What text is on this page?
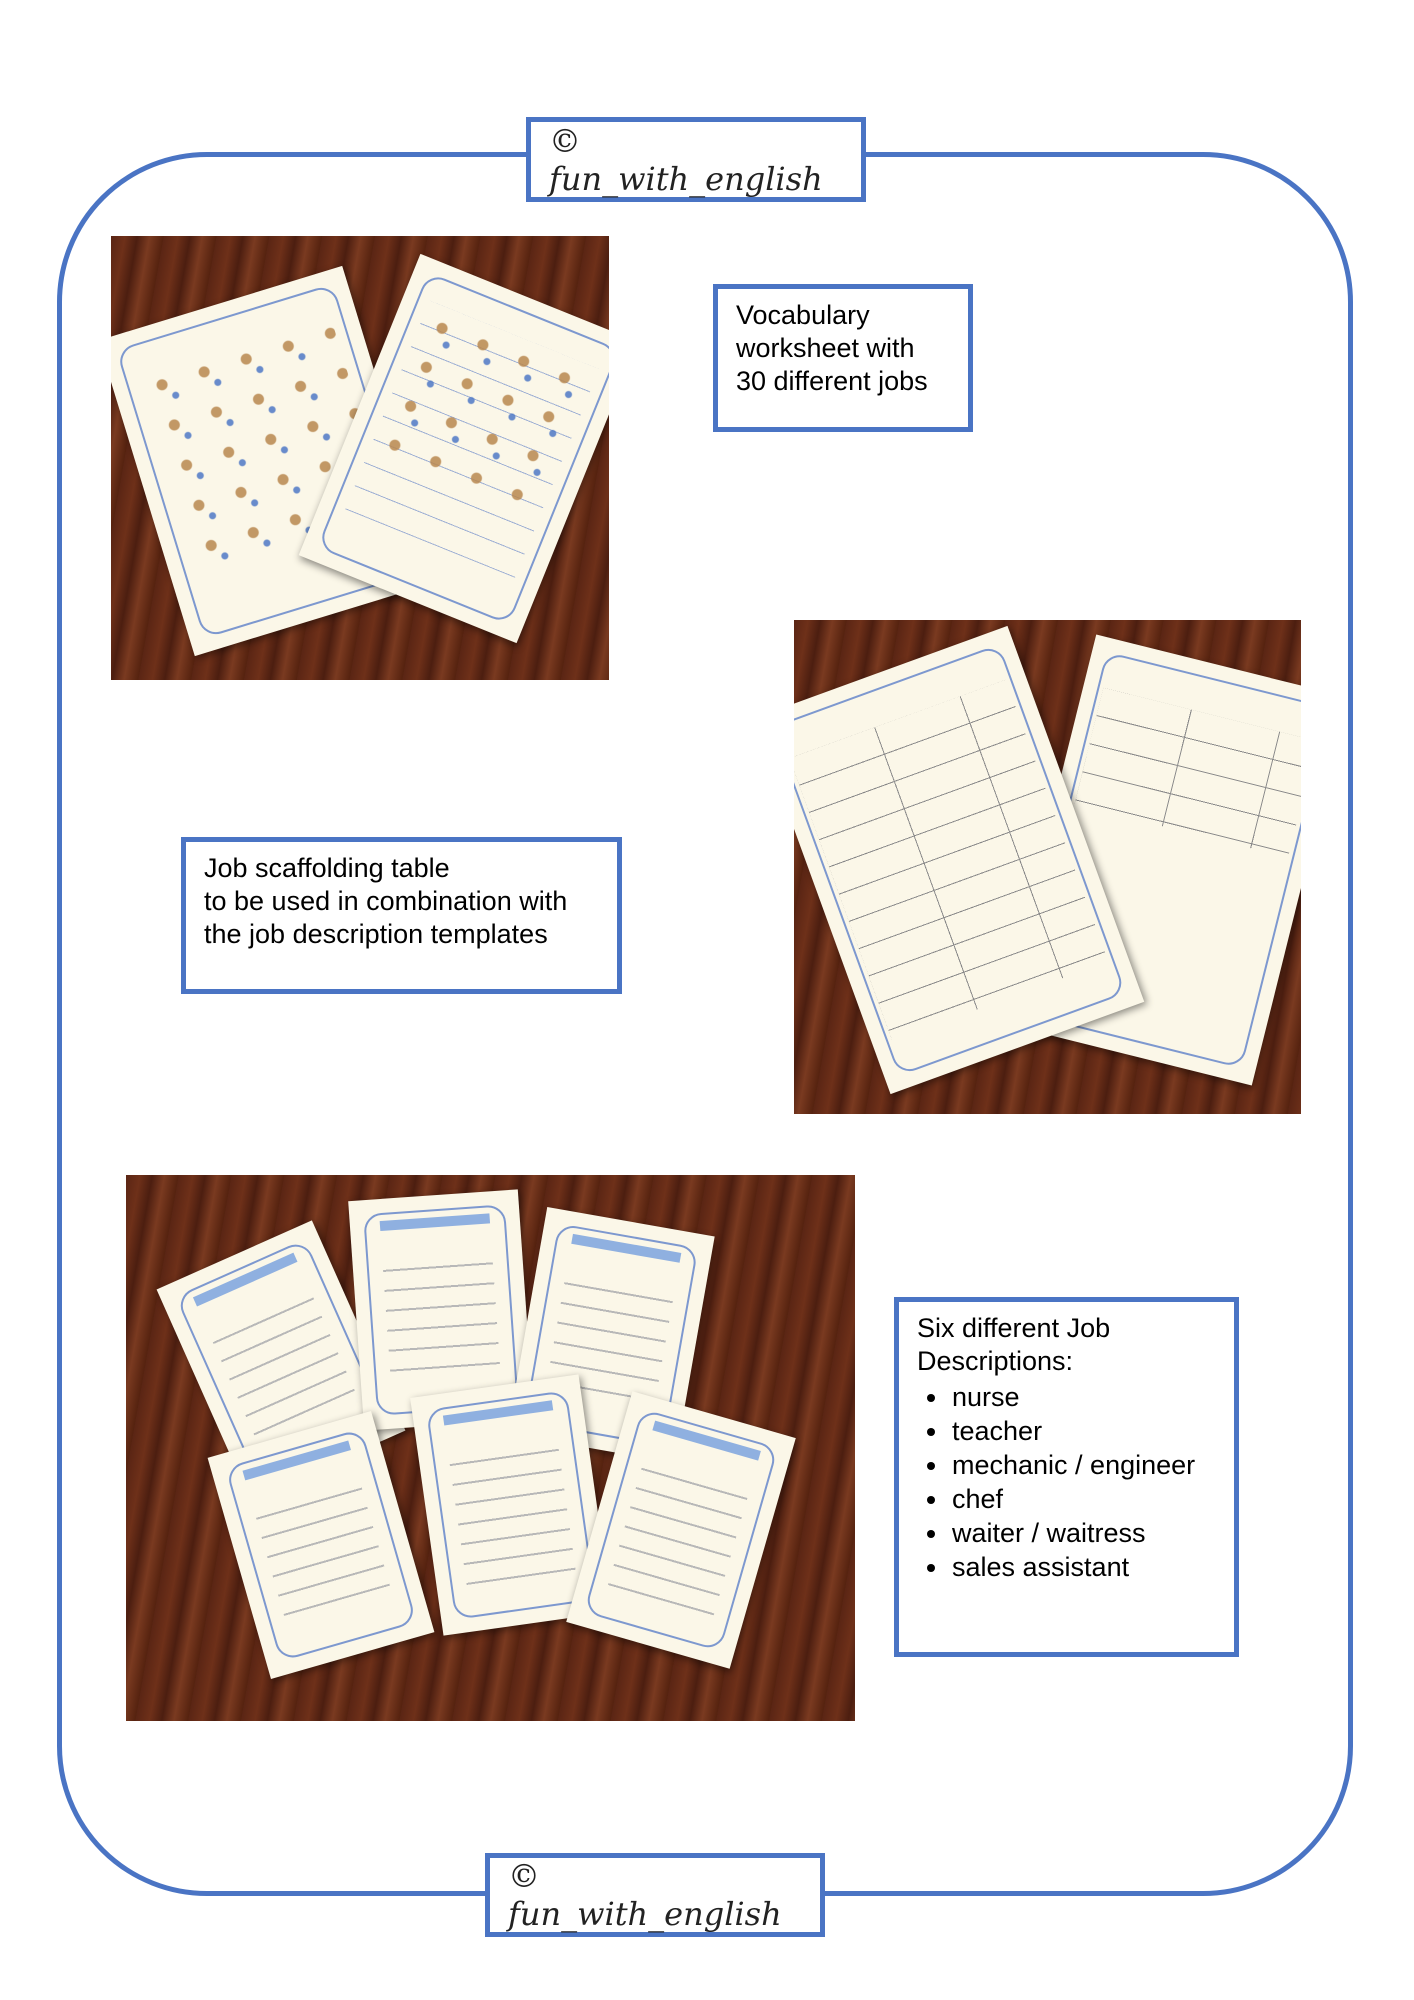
© fun_with_english
Vocabulary
worksheet with
30 different jobs
Job scaffolding table
to be used in combination with
the job description templates
Six different Job
Descriptions:
• nurse
• teacher
• mechanic / engineer
• chef
• waiter / waitress
• sales assistant
© fun_with_english
